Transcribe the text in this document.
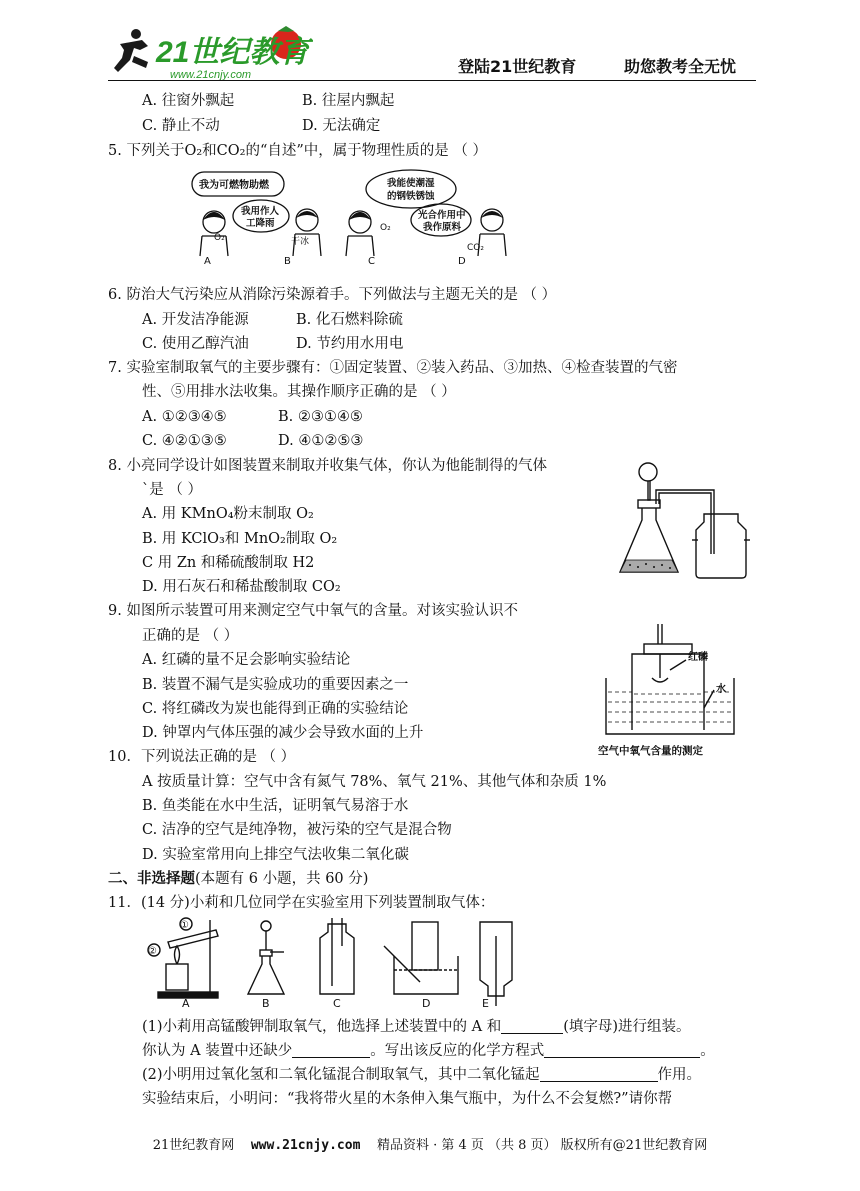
21世纪教育
www.21cnjy.com	登陆21世纪教育	助您教考全无忧
A. 往窗外飘起	B. 往屋内飘起
C. 静止不动	D. 无法确定
5. 下列关于O₂和CO₂的“自述”中，属于物理性质的是 （ ）
我为可燃物助燃
我用作人
工降雨
我能使潮湿
的钢铁锈蚀
光合作用中
我作原料
O₂	干冰
O₂
CO₂
A	B	C	D
6. 防治大气污染应从消除污染源着手。下列做法与主题无关的是 （ ）
A. 开发洁净能源	B. 化石燃料除硫
C. 使用乙醇汽油	D. 节约用水用电
7. 实验室制取氧气的主要步骤有：①固定装置、②装入药品、③加热、④检查装置的气密
性、⑤用排水法收集。其操作顺序正确的是 （ ）
A. ①②③④⑤	B. ②③①④⑤
C. ④②①③⑤	D. ④①②⑤③
8. 小亮同学设计如图装置来制取并收集气体，你认为他能制得的气体
`是 （ ）
A. 用 KMnO₄粉末制取 O₂
B. 用 KClO₃和 MnO₂制取 O₂
C 用 Zn 和稀硫酸制取 H2
D. 用石灰石和稀盐酸制取 CO₂
9. 如图所示装置可用来测定空气中氧气的含量。对该实验认识不
正确的是 （ ）
A. 红磷的量不足会影响实验结论
B. 装置不漏气是实验成功的重要因素之一
C. 将红磷改为炭也能得到正确的实验结论
D. 钟罩内气体压强的减少会导致水面的上升
红磷
水
空气中氧气含量的测定
10．下列说法正确的是 （ ）
A 按质量计算：空气中含有氮气 78%、氧气 21%、其他气体和杂质 1%
B. 鱼类能在水中生活，证明氧气易溶于水
C. 洁净的空气是纯净物，被污染的空气是混合物
D. 实验室常用向上排空气法收集二氧化碳
二、非选择题(本题有 6 小题，共 60 分)
11．(14 分)小莉和几位同学在实验室用下列装置制取气体：
①
②
A	B	C	D	E
(1)小莉用高锰酸钾制取氧气，他选择上述装置中的 A 和	(填字母)进行组装。
你认为 A 装置中还缺少	。写出该反应的化学方程式	。
(2)小明用过氧化氢和二氧化锰混合制取氧气，其中二氧化锰起	作用。
实验结束后，小明问：“我将带火星的木条伸入集气瓶中，为什么不会复燃?”请你帮
21世纪教育网 www.21cnjy.com 精品资料 · 第 4 页 （共 8 页） 版权所有@21世纪教育网
